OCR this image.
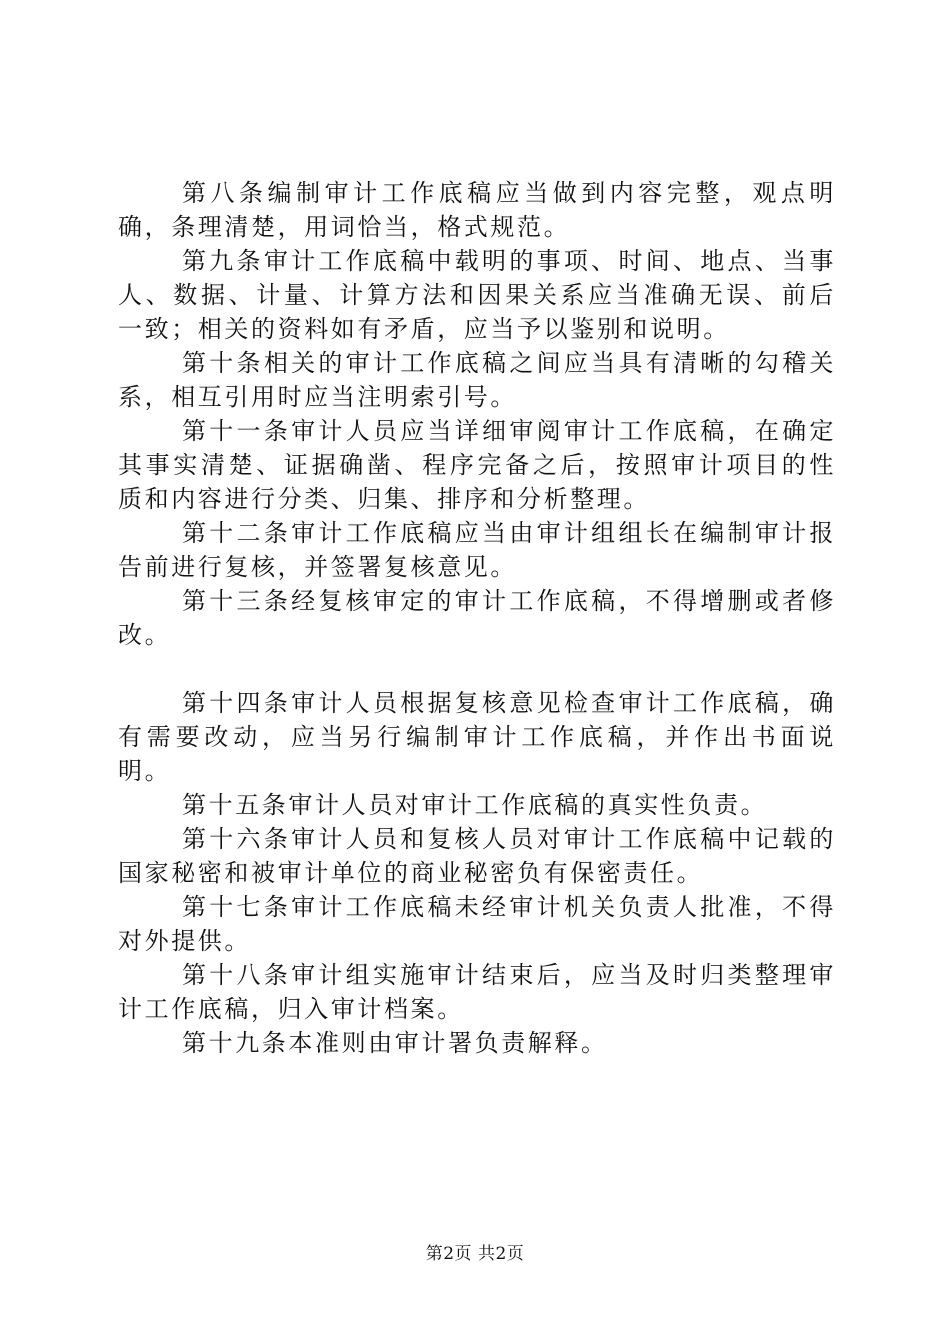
第八条编制审计工作底稿应当做到内容完整，观点明确，条理清楚，用词恰当，格式规范。

第九条审计工作底稿中载明的事项、时间、地点、当事人、数据、计量、计算方法和因果关系应当准确无误、前后一致；相关的资料如有矛盾，应当予以鉴别和说明。

第十条相关的审计工作底稿之间应当具有清晰的勾稽关系，相互引用时应当注明索引号。

第十一条审计人员应当详细审阅审计工作底稿，在确定其事实清楚、证据确凿、程序完备之后，按照审计项目的性质和内容进行分类、归集、排序和分析整理。

第十二条审计工作底稿应当由审计组组长在编制审计报告前进行复核，并签署复核意见。

第十三条经复核审定的审计工作底稿，不得增删或者修改。

第十四条审计人员根据复核意见检查审计工作底稿，确有需要改动，应当另行编制审计工作底稿，并作出书面说明。

第十五条审计人员对审计工作底稿的真实性负责。

第十六条审计人员和复核人员对审计工作底稿中记载的国家秘密和被审计单位的商业秘密负有保密责任。

第十七条审计工作底稿未经审计机关负责人批准，不得对外提供。

第十八条审计组实施审计结束后，应当及时归类整理审计工作底稿，归入审计档案。

第十九条本准则由审计署负责解释。

第2页 共2页
